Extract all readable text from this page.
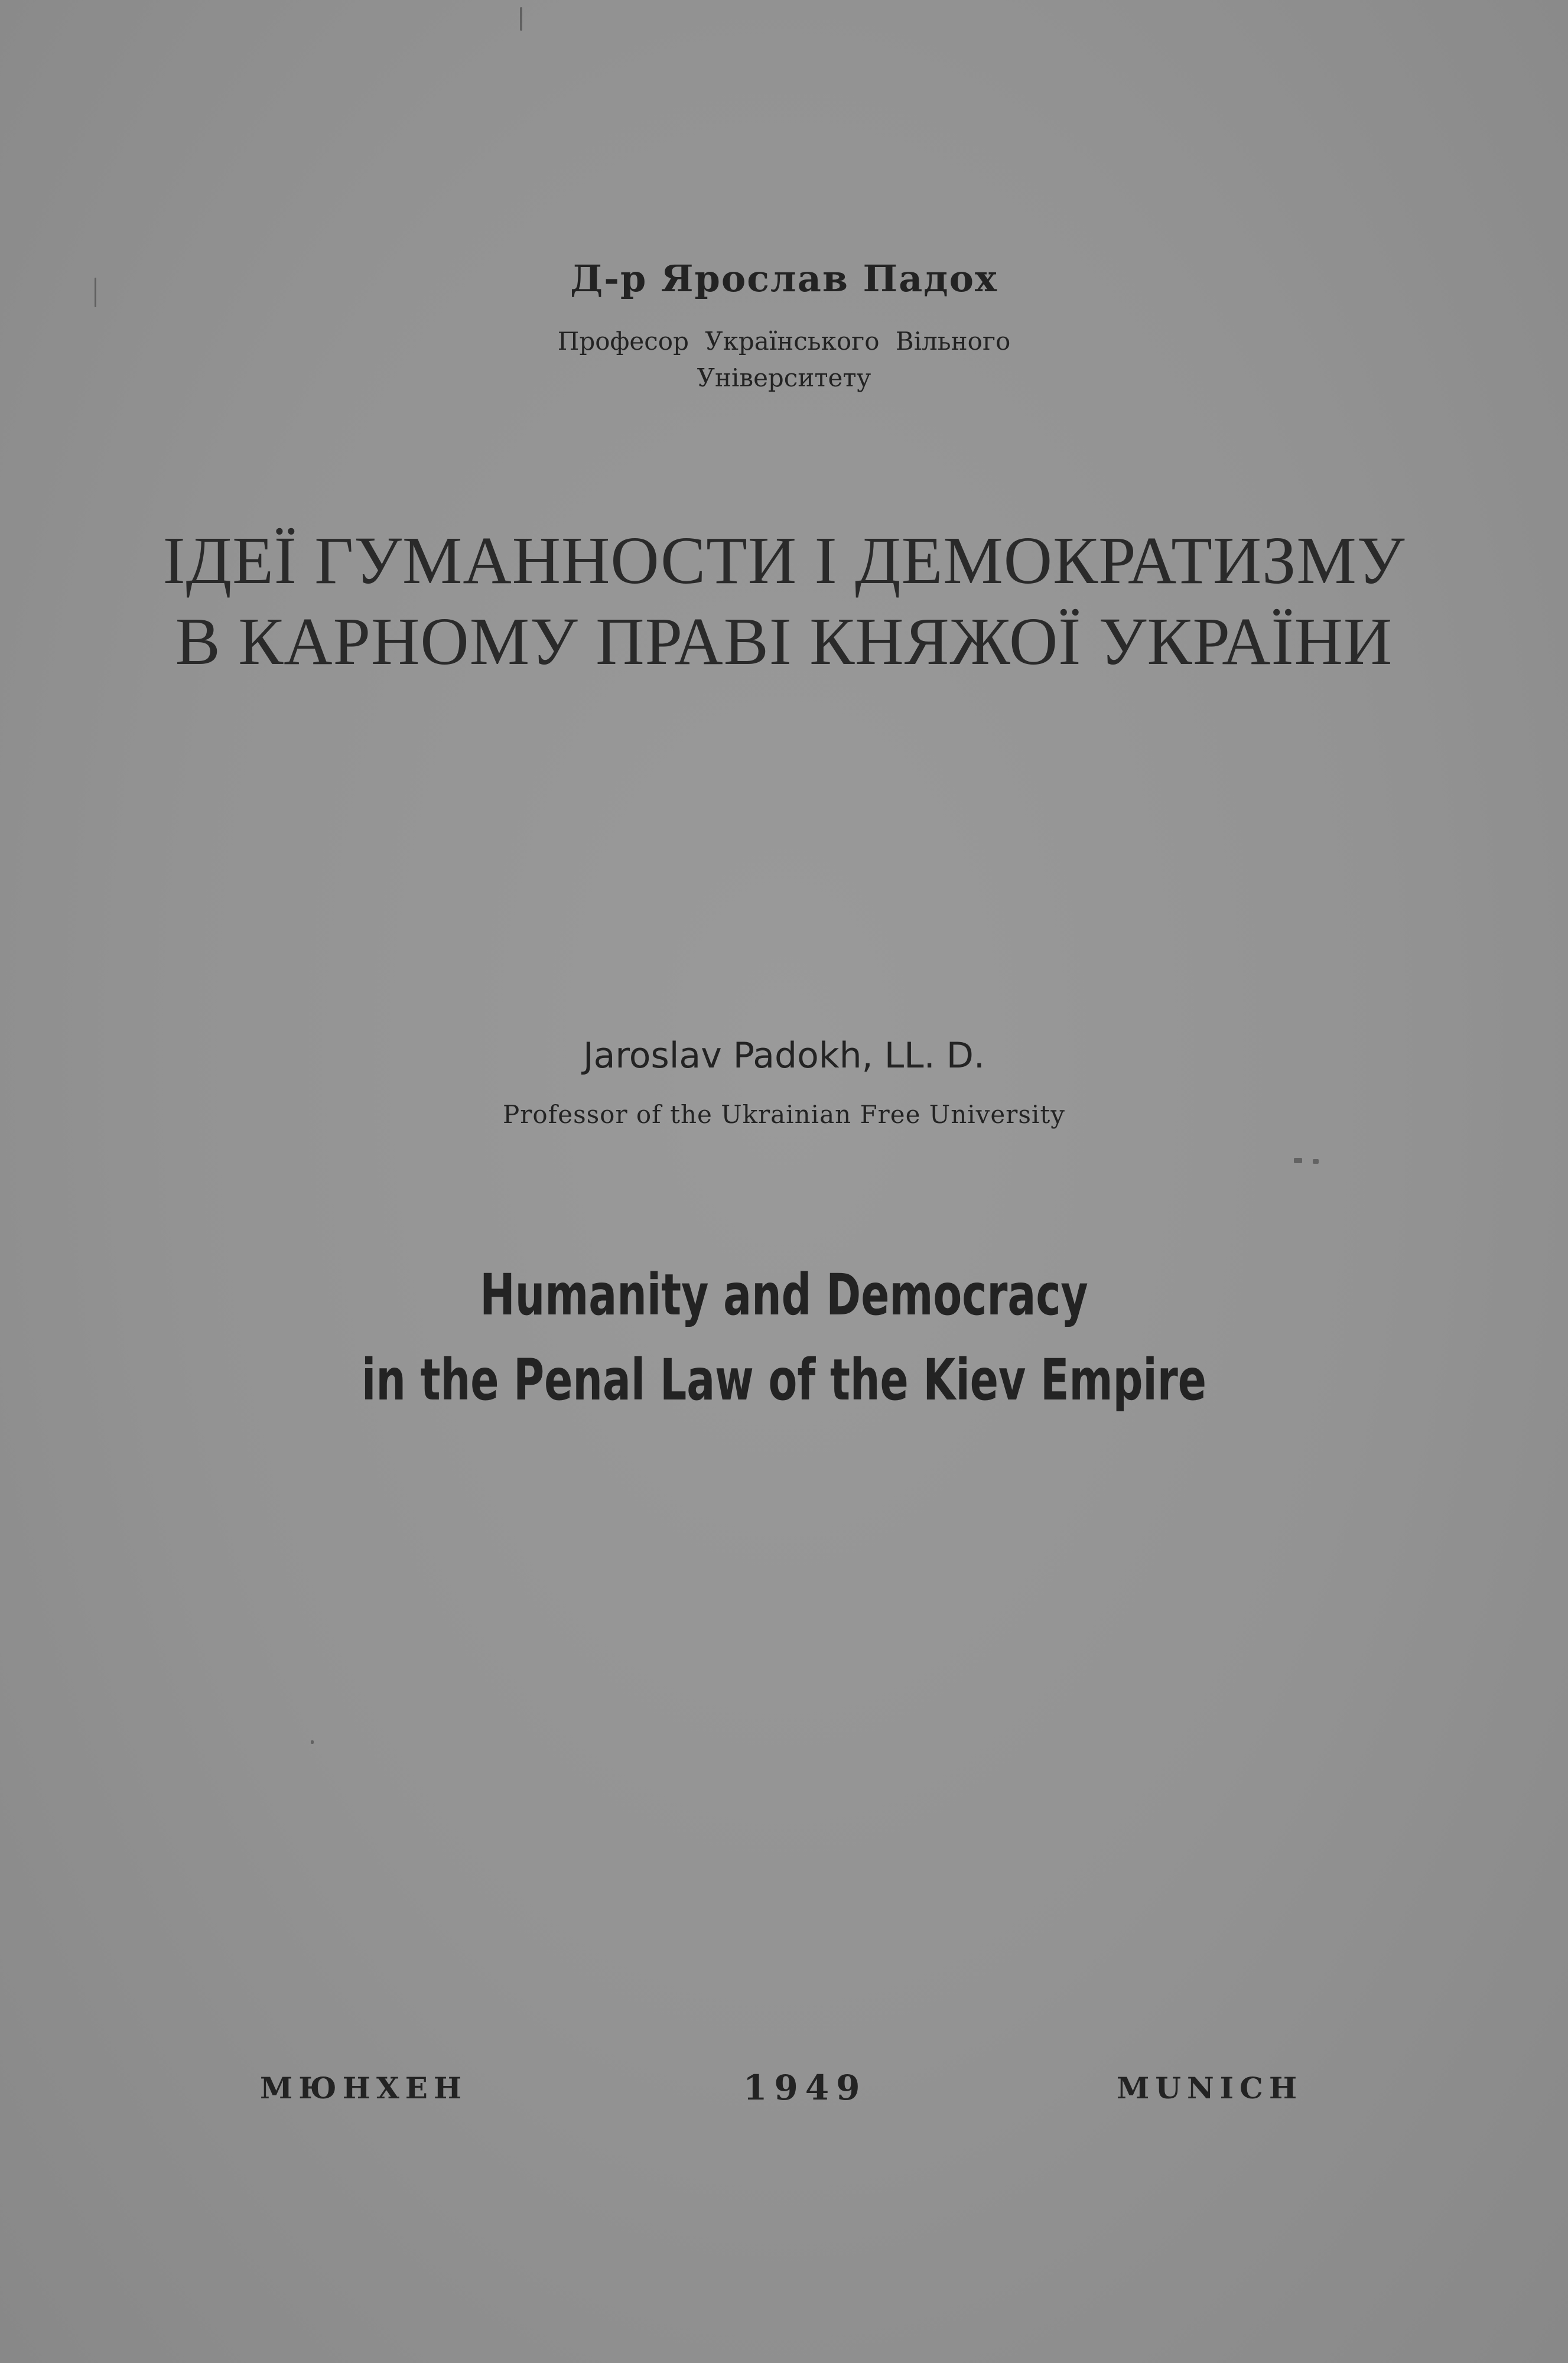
Д-р Ярослав Падох
Професор Українського Вільного
Університету
ІДЕЇ ГУМАННОСТИ І ДЕМОКРАТИЗМУ
В КАРНОМУ ПРАВІ КНЯЖОЇ УКРАЇНИ
Jaroslav Padokh, LL. D.
Professor of the Ukrainian Free University
Humanity and Democracy
in the Penal Law of the Kiev Empire
МЮНХЕН	1949	MUNICH
